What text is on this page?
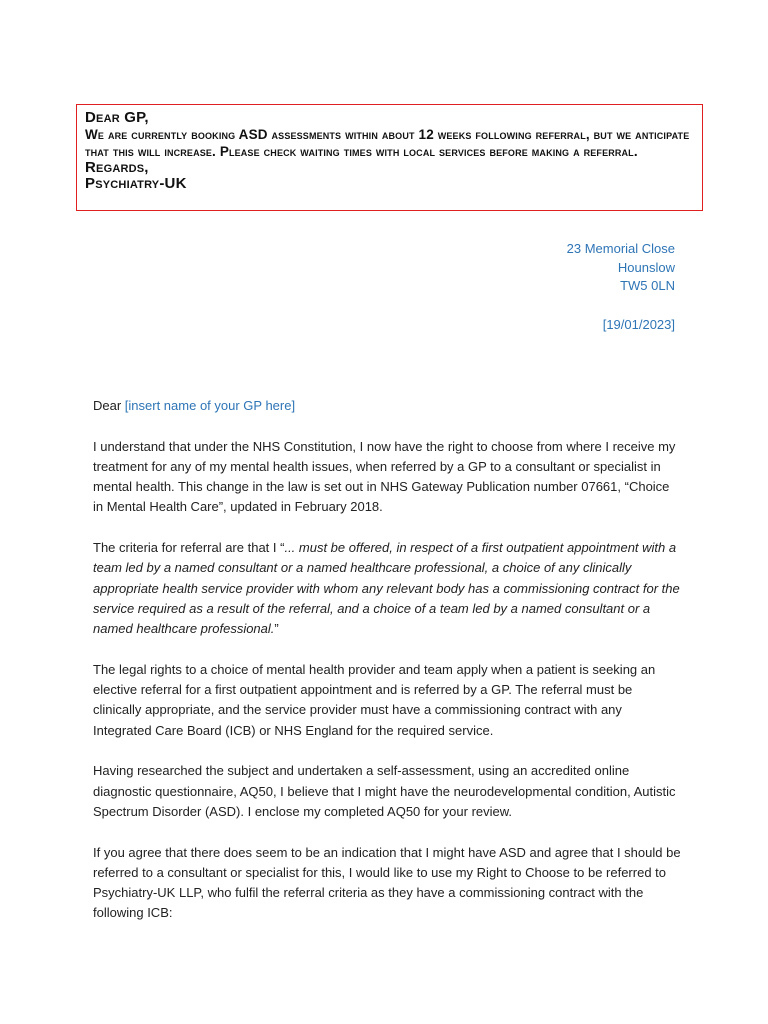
Dear GP,
We are currently booking ASD assessments within about 12 weeks following referral, but we anticipate that this will increase. Please check waiting times with local services before making a referral.
Regards,
Psychiatry-UK
23 Memorial Close
Hounslow
TW5 0LN
[19/01/2023]

Dear [insert name of your GP here]

I understand that under the NHS Constitution, I now have the right to choose from where I receive my treatment for any of my mental health issues, when referred by a GP to a consultant or specialist in mental health. This change in the law is set out in NHS Gateway Publication number 07661, “Choice in Mental Health Care”, updated in February 2018.

The criteria for referral are that I “... must be offered, in respect of a first outpatient appointment with a team led by a named consultant or a named healthcare professional, a choice of any clinically appropriate health service provider with whom any relevant body has a commissioning contract for the service required as a result of the referral, and a choice of a team led by a named consultant or a named healthcare professional.”

The legal rights to a choice of mental health provider and team apply when a patient is seeking an elective referral for a first outpatient appointment and is referred by a GP. The referral must be clinically appropriate, and the service provider must have a commissioning contract with any Integrated Care Board (ICB) or NHS England for the required service.

Having researched the subject and undertaken a self-assessment, using an accredited online diagnostic questionnaire, AQ50, I believe that I might have the neurodevelopmental condition, Autistic Spectrum Disorder (ASD). I enclose my completed AQ50 for your review.

If you agree that there does seem to be an indication that I might have ASD and agree that I should be referred to a consultant or specialist for this, I would like to use my Right to Choose to be referred to Psychiatry-UK LLP, who fulfil the referral criteria as they have a commissioning contract with the following ICB:
